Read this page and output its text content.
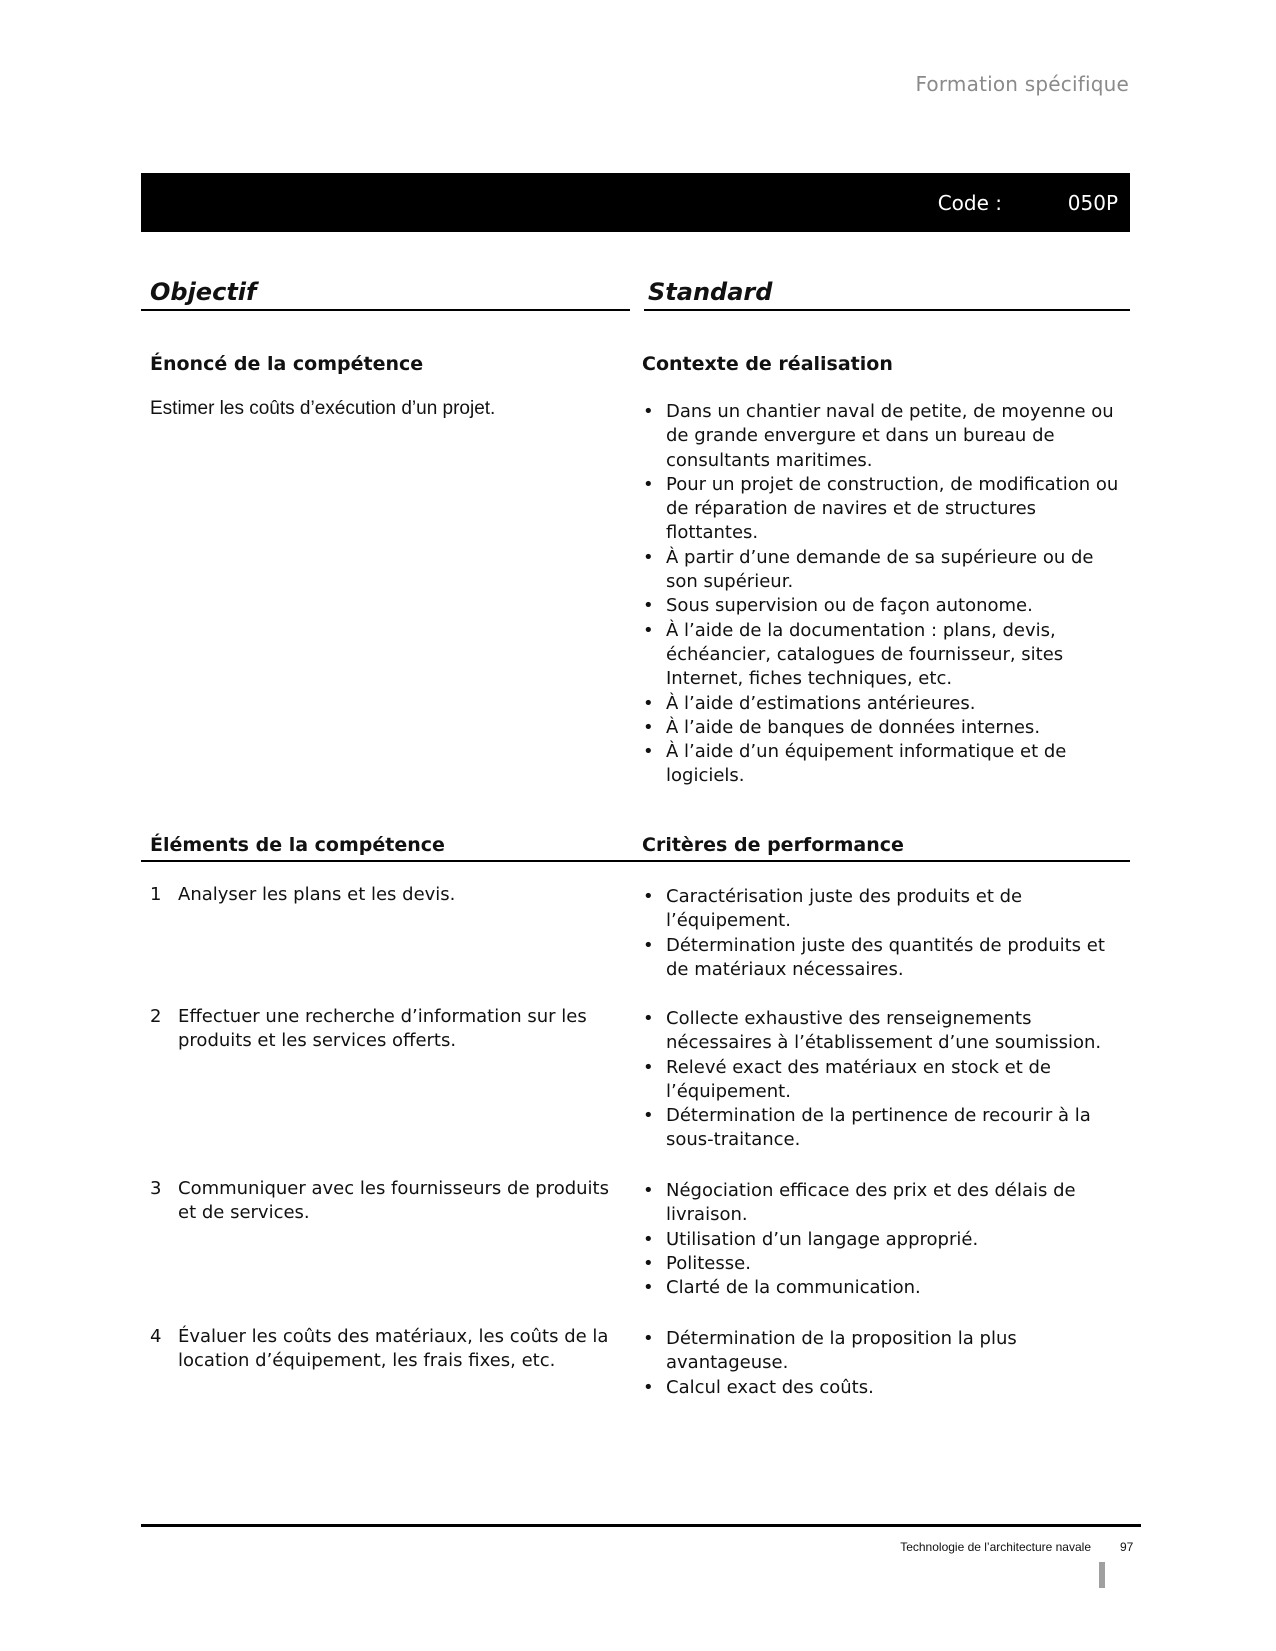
Formation spécifique
Code :	050P
Objectif	Standard
Énoncé de la compétence
Estimer les coûts d’exécution d’un projet.
Contexte de réalisation
• Dans un chantier naval de petite, de moyenne ou de grande envergure et dans un bureau de consultants maritimes.
• Pour un projet de construction, de modification ou de réparation de navires et de structures flottantes.
• À partir d’une demande de sa supérieure ou de son supérieur.
• Sous supervision ou de façon autonome.
• À l’aide de la documentation : plans, devis, échéancier, catalogues de fournisseur, sites Internet, fiches techniques, etc.
• À l’aide d’estimations antérieures.
• À l’aide de banques de données internes.
• À l’aide d’un équipement informatique et de logiciels.
Éléments de la compétence	Critères de performance
1 Analyser les plans et les devis.
•	Caractérisation juste des produits et de l’équipement.
• Détermination juste des quantités de produits et de matériaux nécessaires.
2 Effectuer une recherche d’information sur les produits et les services offerts.
• Collecte exhaustive des renseignements nécessaires à l’établissement d’une soumission.
• Relevé exact des matériaux en stock et de l’équipement.
• Détermination de la pertinence de recourir à la sous-traitance.
3 Communiquer avec les fournisseurs de produits et de services.
• Négociation efficace des prix et des délais de livraison.
• Utilisation d’un langage approprié.
• Politesse.
• Clarté de la communication.
4 Évaluer les coûts des matériaux, les coûts de la location d’équipement, les frais fixes, etc.
• Détermination de la proposition la plus avantageuse.
• Calcul exact des coûts.
Technologie de l’architecture navale 97
